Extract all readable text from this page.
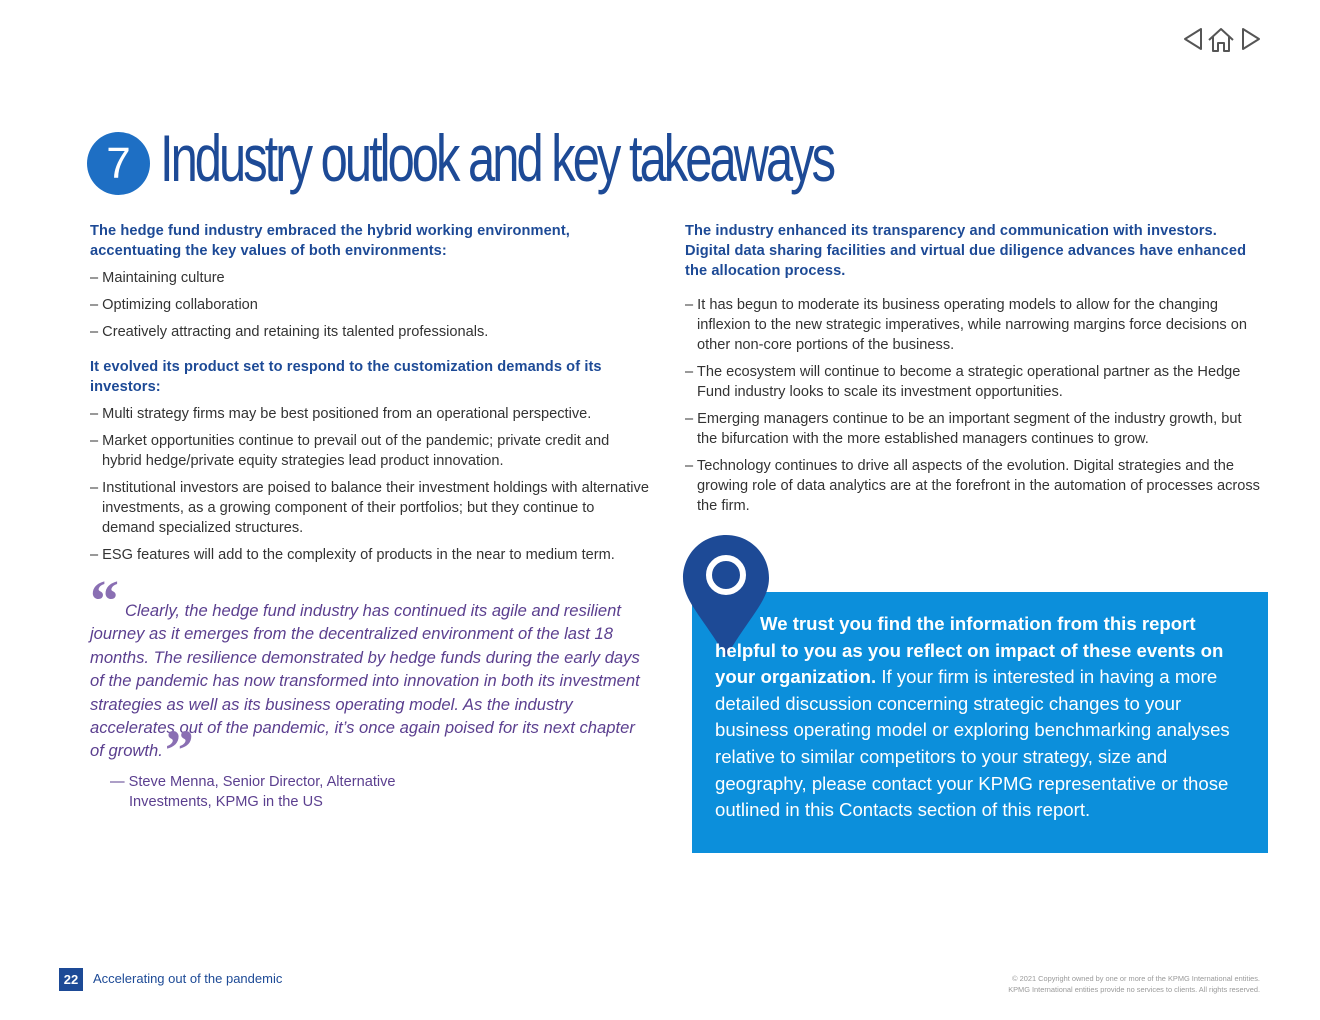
7 Industry outlook and key takeaways

The hedge fund industry embraced the hybrid working environment, accentuating the key values of both environments:

– Maintaining culture
– Optimizing collaboration
– Creatively attracting and retaining its talented professionals.

It evolved its product set to respond to the customization demands of its investors:

– Multi strategy firms may be best positioned from an operational perspective.
– Market opportunities continue to prevail out of the pandemic; private credit and hybrid hedge/private equity strategies lead product innovation.
– Institutional investors are poised to balance their investment holdings with alternative investments, as a growing component of their portfolios; but they continue to demand specialized structures.
– ESG features will add to the complexity of products in the near to medium term.
“ Clearly, the hedge fund industry has continued its agile and resilient journey as it emerges from the decentralized environment of the last 18 months. The resilience demonstrated by hedge funds during the early days of the pandemic has now transformed into innovation in both its investment strategies as well as its business operating model. As the industry accelerates out of the pandemic, it’s once again poised for its next chapter of growth.”
— Steve Menna, Senior Director, Alternative Investments, KPMG in the US

The industry enhanced its transparency and communication with investors. Digital data sharing facilities and virtual due diligence advances have enhanced the allocation process.

– It has begun to moderate its business operating models to allow for the changing inflexion to the new strategic imperatives, while narrowing margins force decisions on other non-core portions of the business.
– The ecosystem will continue to become a strategic operational partner as the Hedge Fund industry looks to scale its investment opportunities.
– Emerging managers continue to be an important segment of the industry growth, but the bifurcation with the more established managers continues to grow.
– Technology continues to drive all aspects of the evolution. Digital strategies and the growing role of data analytics are at the forefront in the automation of processes across the firm.
We trust you find the information from this report helpful to you as you reflect on impact of these events on your organization. If your firm is interested in having a more detailed discussion concerning strategic changes to your business operating model or exploring benchmarking analyses relative to similar competitors to your strategy, size and geography, please contact your KPMG representative or those outlined in this Contacts section of this report.
22	Accelerating out of the pandemic	© 2021 Copyright owned by one or more of the KPMG International entities.
KPMG International entities provide no services to clients. All rights reserved.
